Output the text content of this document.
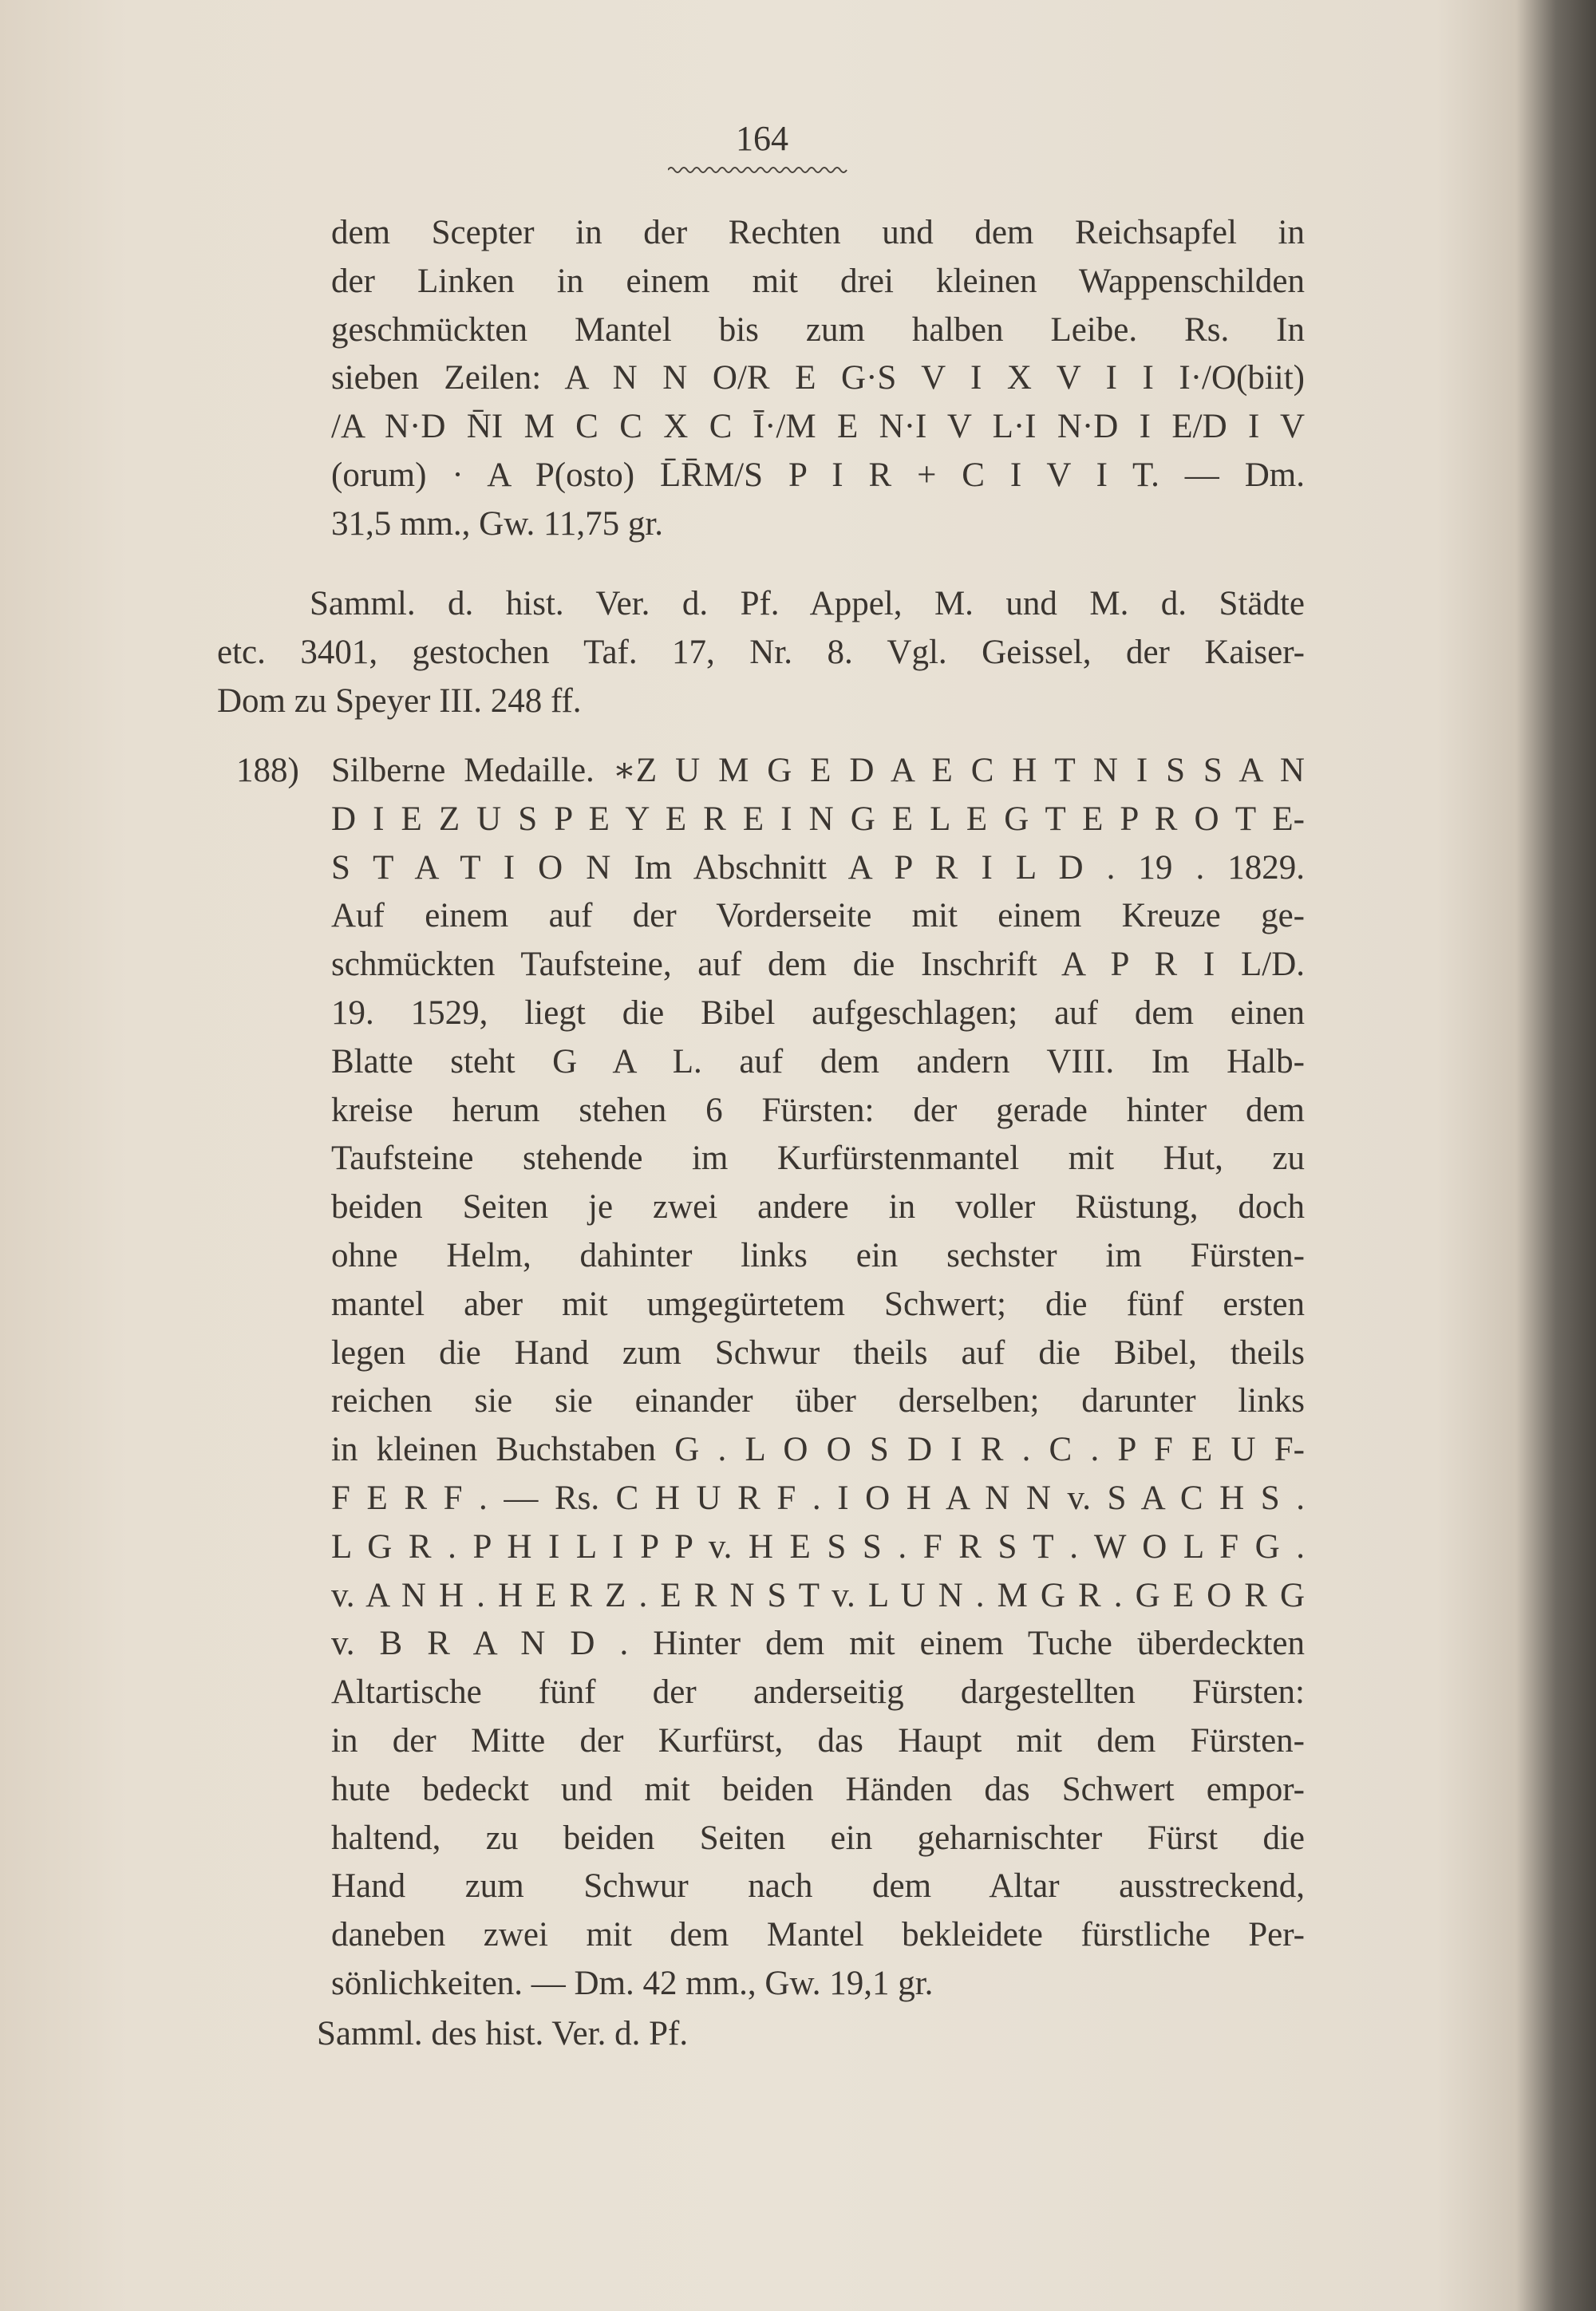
164
dem Scepter in der Rechten und dem Reichsapfel in
der Linken in einem mit drei kleinen Wappenschilden
geschmückten Mantel bis zum halben Leibe. Rs. In
sieben Zeilen: A N N O/R E G·S V I X V I I I·/O(biit)
/A N·D N̄I M C C X C Ī·/M E N·I V L·I N·D I E/D I V
(orum) · A P(osto) L̄R̄M/S P I R + C I V I T. — Dm.
31,5 mm., Gw. 11,75 gr.
Samml. d. hist. Ver. d. Pf. Appel, M. und M. d. Städte
etc. 3401, gestochen Taf. 17, Nr. 8. Vgl. Geissel, der Kaiser-
Dom zu Speyer III. 248 ff.
188) Silberne Medaille. ∗Z U M G E D A E C H T N I S S A N
D I E Z U S P E Y E R E I N G E L E G T E P R O T E-
S T A T I O N Im Abschnitt A P R I L D . 19 . 1829.
Auf einem auf der Vorderseite mit einem Kreuze ge-
schmückten Taufsteine, auf dem die Inschrift A P R I L/D.
19. 1529, liegt die Bibel aufgeschlagen; auf dem einen
Blatte steht G A L. auf dem andern VIII. Im Halb-
kreise herum stehen 6 Fürsten: der gerade hinter dem
Taufsteine stehende im Kurfürstenmantel mit Hut, zu
beiden Seiten je zwei andere in voller Rüstung, doch
ohne Helm, dahinter links ein sechster im Fürsten-
mantel aber mit umgegürtetem Schwert; die fünf ersten
legen die Hand zum Schwur theils auf die Bibel, theils
reichen sie sie einander über derselben; darunter links
in kleinen Buchstaben G . L O O S D I R . C . P F E U F-
F E R F . — Rs. C H U R F . I O H A N N v. S A C H S .
L G R . P H I L I P P v. H E S S . F R S T . W O L F G .
v. A N H . H E R Z . E R N S T v. L U N . M G R . G E O R G
v. B R A N D . Hinter dem mit einem Tuche überdeckten
Altartische fünf der anderseitig dargestellten Fürsten:
in der Mitte der Kurfürst, das Haupt mit dem Fürsten-
hute bedeckt und mit beiden Händen das Schwert empor-
haltend, zu beiden Seiten ein geharnischter Fürst die
Hand zum Schwur nach dem Altar ausstreckend,
daneben zwei mit dem Mantel bekleidete fürstliche Per-
sönlichkeiten. — Dm. 42 mm., Gw. 19,1 gr.
Samml. des hist. Ver. d. Pf.
